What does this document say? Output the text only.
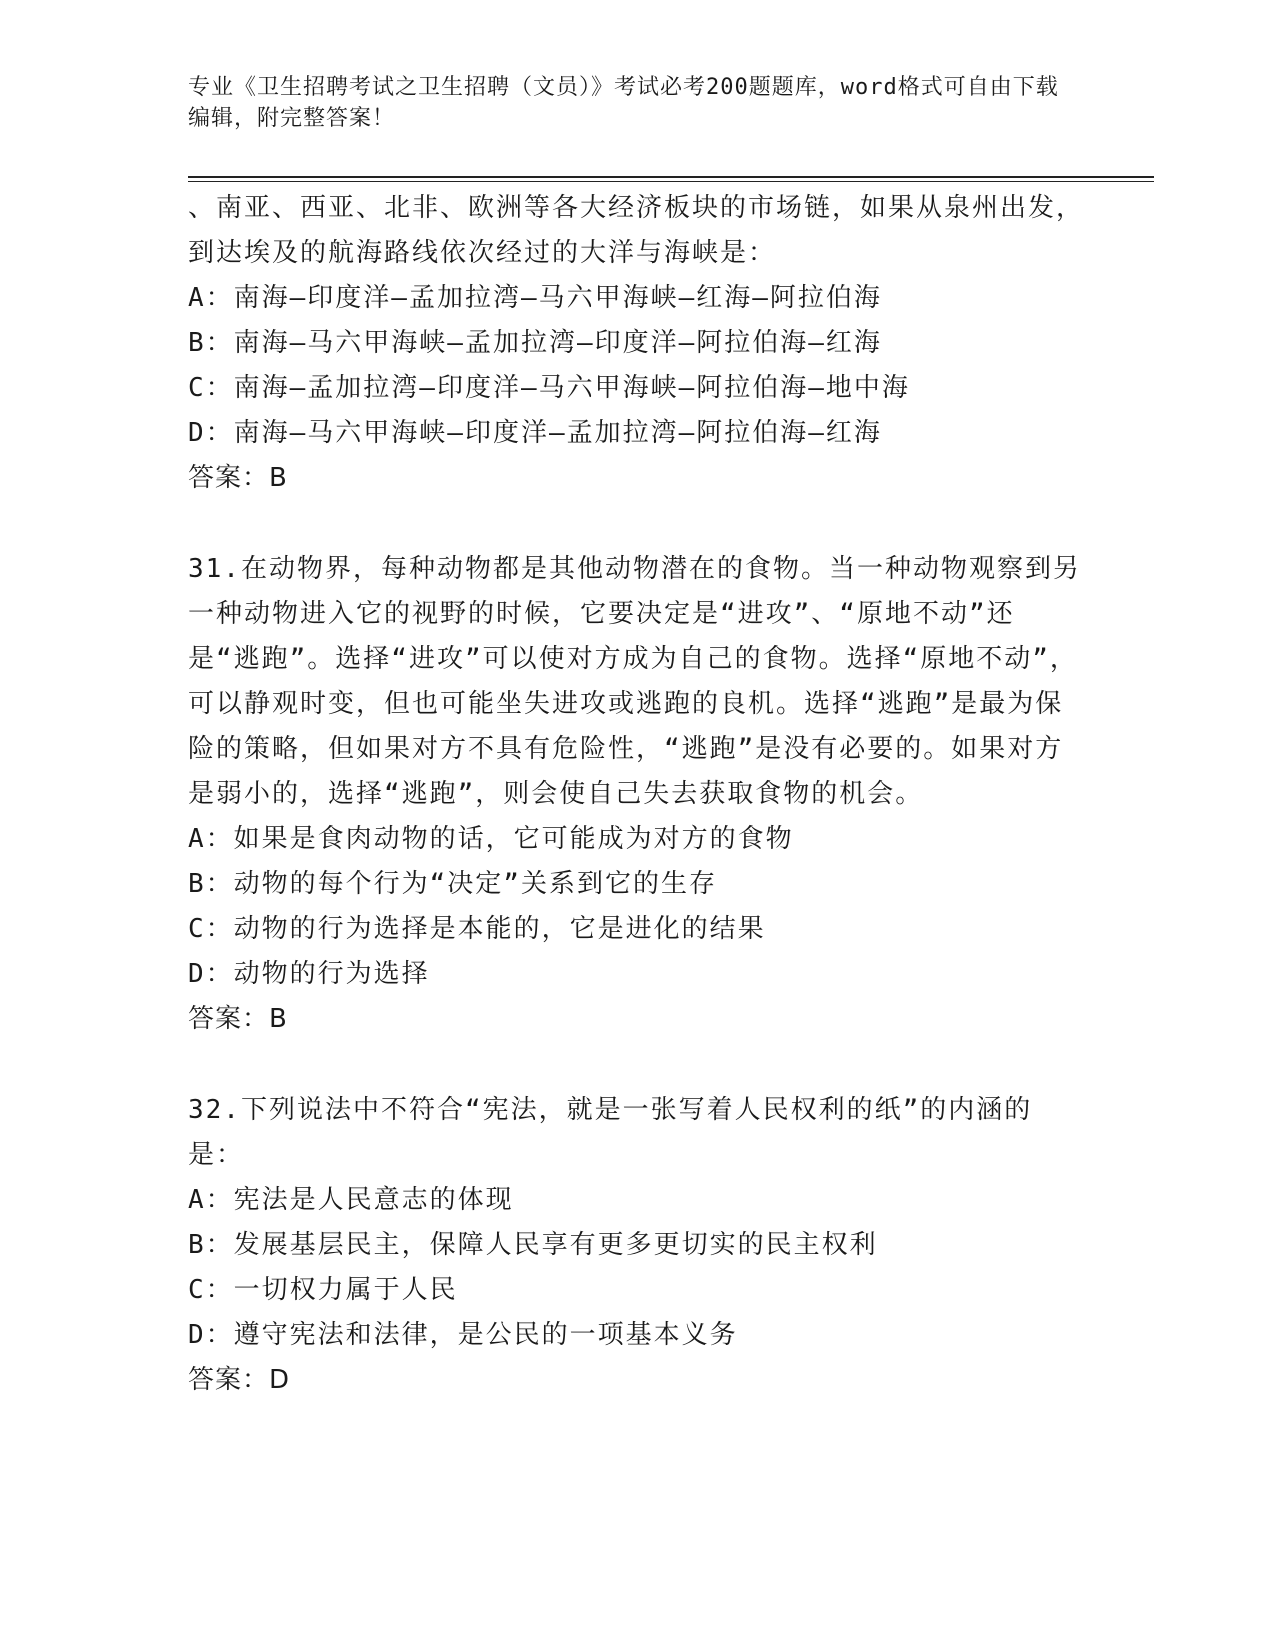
专业《卫生招聘考试之卫生招聘（文员）》考试必考200题题库，word格式可自由下载编辑，附完整答案！

、南亚、西亚、北非、欧洲等各大经济板块的市场链，如果从泉州出发，到达埃及的航海路线依次经过的大洋与海峡是：

A：南海—印度洋—孟加拉湾—马六甲海峡—红海—阿拉伯海

B：南海—马六甲海峡—孟加拉湾—印度洋—阿拉伯海—红海

C：南海—孟加拉湾—印度洋—马六甲海峡—阿拉伯海—地中海

D：南海—马六甲海峡—印度洋—孟加拉湾—阿拉伯海—红海

答案：B

31.在动物界，每种动物都是其他动物潜在的食物。当一种动物观察到另一种动物进入它的视野的时候，它要决定是“进攻”、“原地不动”还是“逃跑”。选择“进攻”可以使对方成为自己的食物。选择“原地不动”，可以静观时变，但也可能坐失进攻或逃跑的良机。选择“逃跑”是最为保险的策略，但如果对方不具有危险性，“逃跑”是没有必要的。如果对方是弱小的，选择“逃跑”，则会使自己失去获取食物的机会。

A：如果是食肉动物的话，它可能成为对方的食物

B：动物的每个行为“决定”关系到它的生存

C：动物的行为选择是本能的，它是进化的结果

D：动物的行为选择

答案：B

32.下列说法中不符合“宪法，就是一张写着人民权利的纸”的内涵的是：

A：宪法是人民意志的体现

B：发展基层民主，保障人民享有更多更切实的民主权利

C：一切权力属于人民

D：遵守宪法和法律，是公民的一项基本义务

答案：D
